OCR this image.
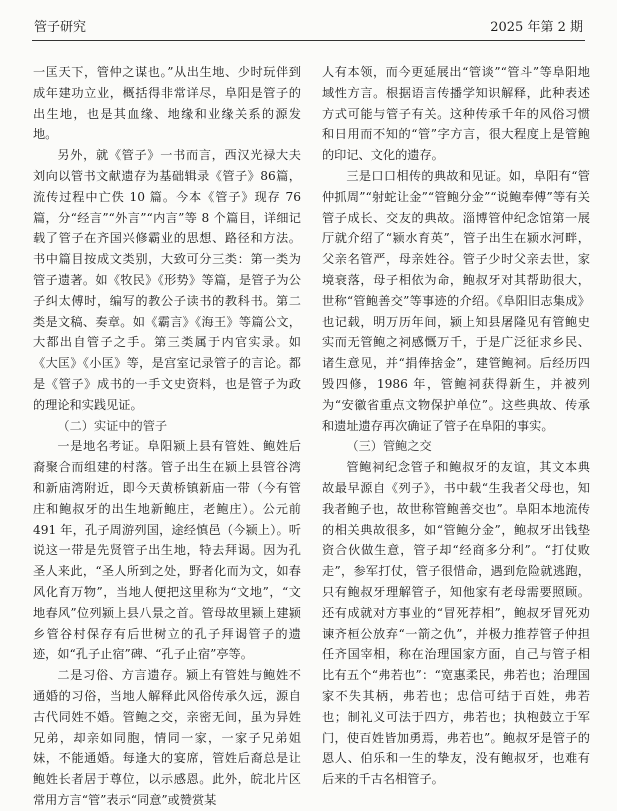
管子研究	2025 年第 2 期

一匡天下，管仲之谋也。”从出生地、少时玩伴到成年建功立业，概括得非常详尽，阜阳是管子的出生地，也是其血缘、地缘和业缘关系的源发地。

另外，就《管子》一书而言，西汉光禄大夫刘向以管书文献遗存为基础辑录《管子》86篇，流传过程中亡佚 10 篇。今本《管子》现存 76 篇，分“经言”“外言”“内言”等 8 个篇目，详细记载了管子在齐国兴修霸业的思想、路径和方法。书中篇目按成文类别，大致可分三类：第一类为管子遗著。如《牧民》《形势》等篇，是管子为公子纠太傅时，编写的教公子读书的教科书。第二类是文稿、奏章。如《霸言》《海王》等篇公文，大都出自管子之手。第三类属于内官实录。如《大匡》《小匡》等，是宫室记录管子的言论。都是《管子》成书的一手文史资料，也是管子为政的理论和实践见证。

（二）实证中的管子

一是地名考证。阜阳颍上县有管姓、鲍姓后裔聚合而组建的村落。管子出生在颍上县管谷湾和新庙湾附近，即今天黄桥镇新庙一带（今有管庄和鲍叔牙的出生地新鲍庄，老鲍庄）。公元前 491 年，孔子周游列国，途经慎邑（今颍上）。听说这一带是先贤管子出生地，特去拜谒。因为孔圣人来此，“圣人所到之处，野者化而为文，如春风化育万物”，当地人便把这里称为“文地”，“文地春风”位列颍上县八景之首。管母故里颍上建颍乡管谷村保存有后世树立的孔子拜谒管子的遗迹，如“孔子止宿”碑、“孔子止宿”亭等。

二是习俗、方言遗存。颍上有管姓与鲍姓不通婚的习俗，当地人解释此风俗传承久远，源自古代同姓不婚。管鲍之交，亲密无间，虽为异姓兄弟，却亲如同胞，情同一家，一家子兄弟姐妹，不能通婚。每逢大的宴席，管姓后裔总是让鲍姓长者居于尊位，以示感恩。此外，皖北片区常用方言“管”表示“同意”或赞赏某

人有本领，而今更延展出“管谈”“管斗”等阜阳地域性方言。根据语言传播学知识解释，此种表述方式可能与管子有关。这种传承千年的风俗习惯和日用而不知的“管”字方言，很大程度上是管鲍的印记、文化的遗存。

三是口口相传的典故和见证。如，阜阳有“管仲抓周”“射蛇让金”“管鲍分金”“说鲍奉傅”等有关管子成长、交友的典故。淄博管仲纪念馆第一展厅就介绍了“颍水育英”，管子出生在颍水河畔，父亲名管严，母亲姓谷。管子少时父亲去世，家境衰落，母子相依为命，鲍叔牙对其帮助很大，世称“管鲍善交”等事迹的介绍。《阜阳旧志集成》也记载，明万历年间，颍上知县屠隆见有管鲍史实而无管鲍之祠感慨万千，于是广泛征求乡民、诸生意见，并“捐俸捨金”，建管鲍祠。后经历四毁四修，1986 年，管鲍祠获得新生，并被列为“安徽省重点文物保护单位”。这些典故、传承和遗址遗存再次确证了管子在阜阳的事实。

（三）管鲍之交

管鲍祠纪念管子和鲍叔牙的友谊，其文本典故最早源自《列子》，书中载“生我者父母也，知我者鲍子也，故世称管鲍善交也”。阜阳本地流传的相关典故很多，如“管鲍分金”，鲍叔牙出钱垫资合伙做生意，管子却“经商多分利”。“打仗败走”，参军打仗，管子很惜命，遇到危险就逃跑，只有鲍叔牙理解管子，知他家有老母需要照顾。还有成就对方事业的“冒死荐相”，鲍叔牙冒死劝谏齐桓公放弃“一箭之仇”，并极力推荐管子仲担任齐国宰相，称在治理国家方面，自己与管子相比有五个“弗若也”：“宽惠柔民，弗若也；治理国家不失其柄，弗若也；忠信可结于百姓，弗若也；制礼义可法于四方，弗若也；执枹鼓立于军门，使百姓皆加勇焉，弗若也”。鲍叔牙是管子的恩人、伯乐和一生的挚友，没有鲍叔牙，也难有后来的千古名相管子。
